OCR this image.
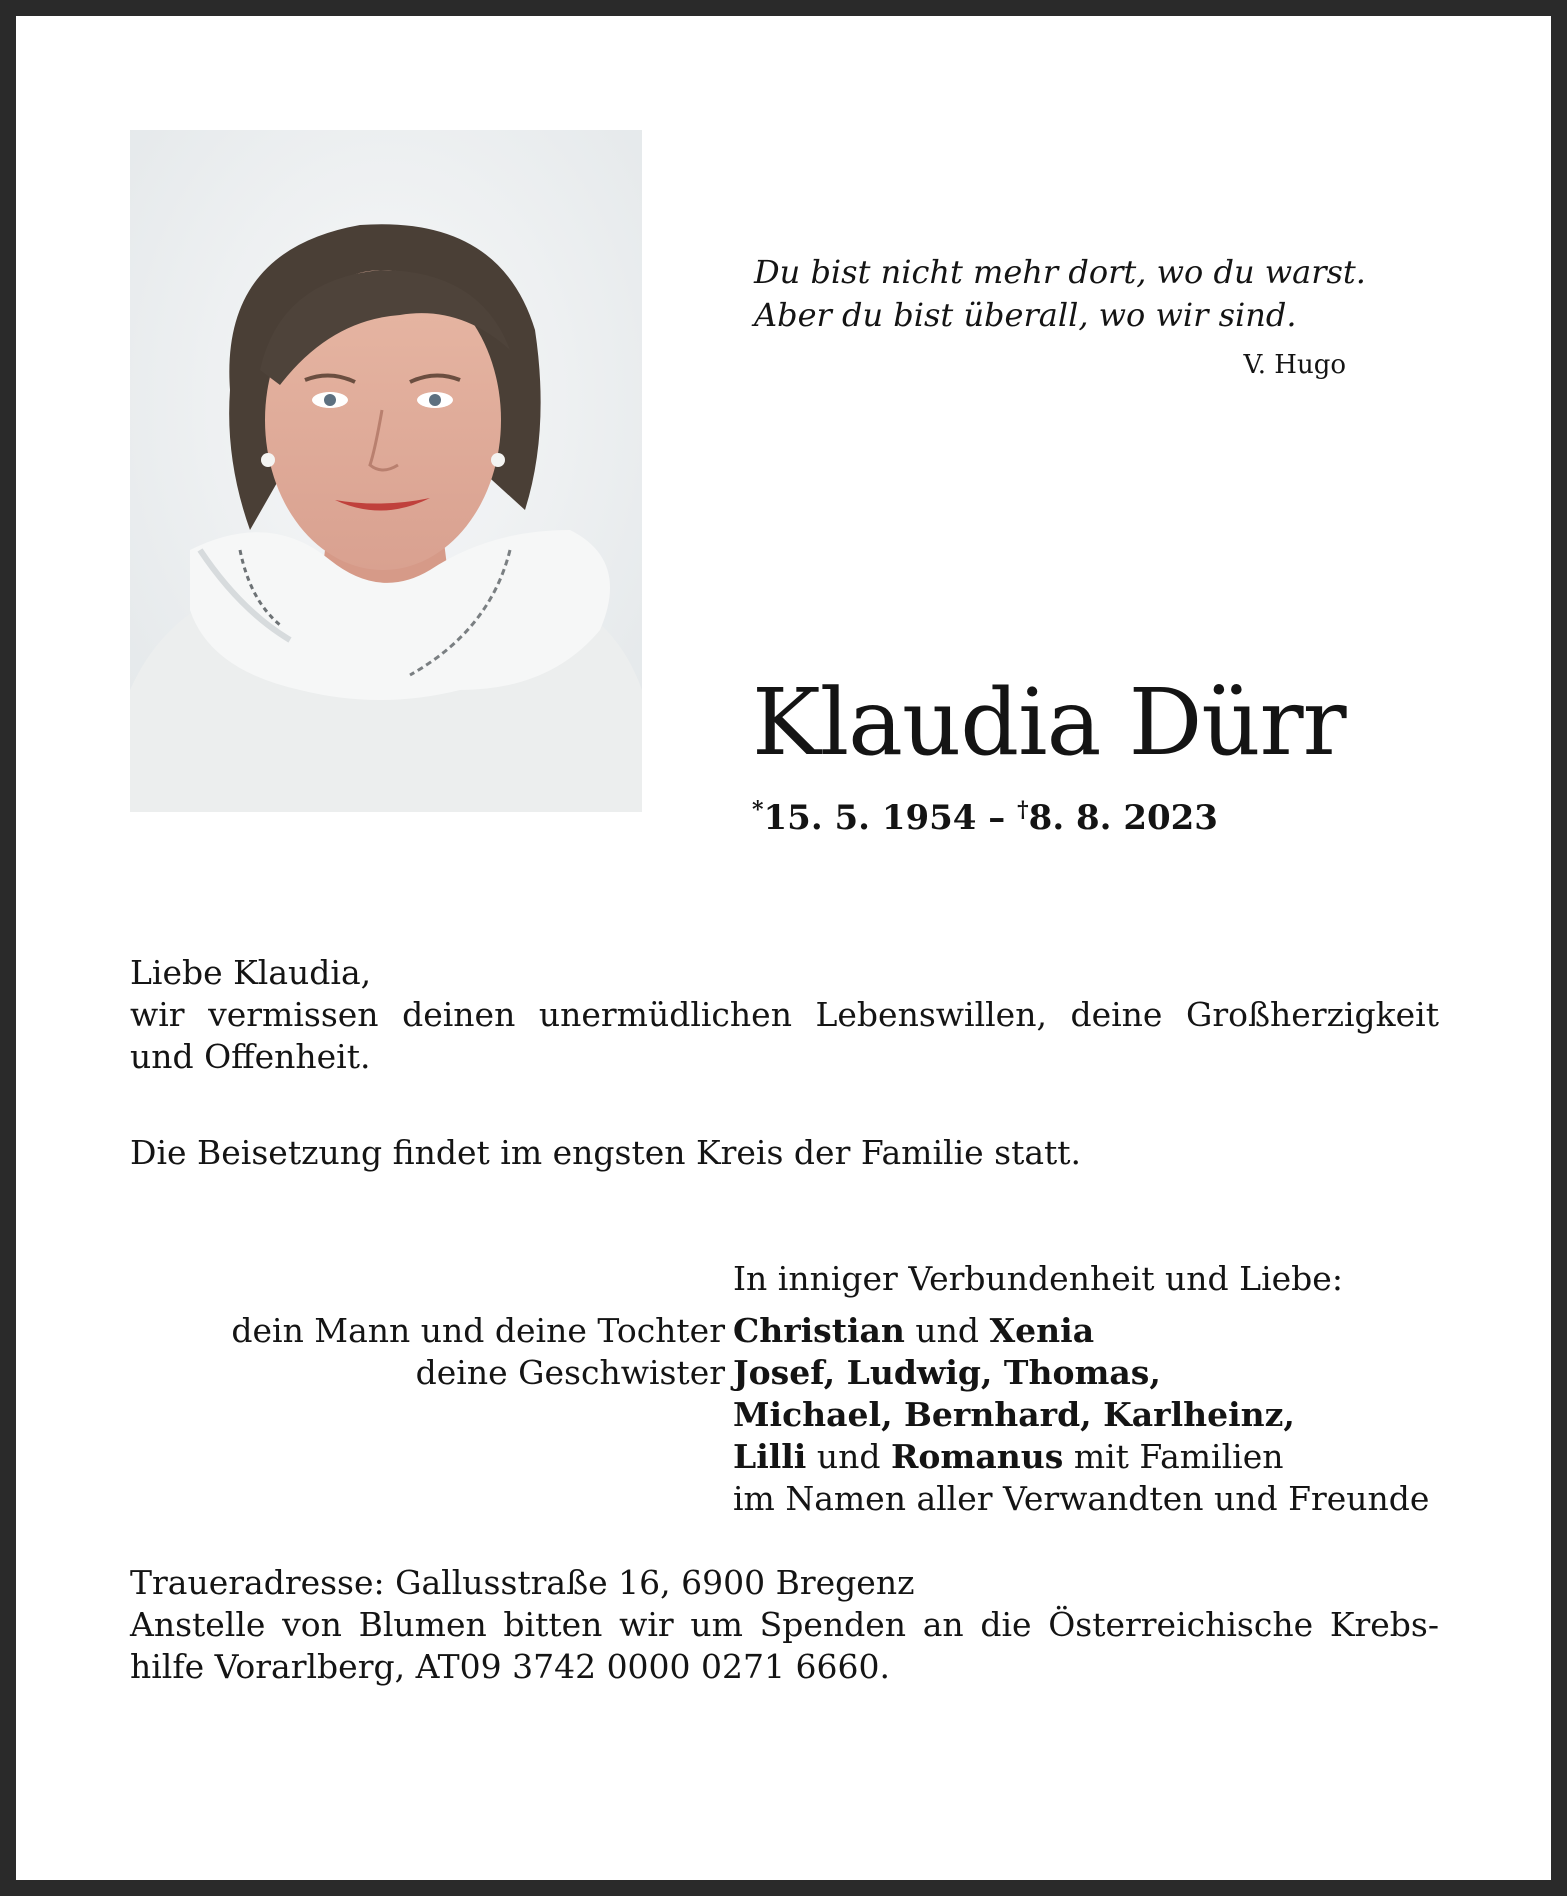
Du bist nicht mehr dort, wo du warst.
Aber du bist überall, wo wir sind.
V. Hugo
Klaudia Dürr
*15. 5. 1954 – †8. 8. 2023
Liebe Klaudia,
wir vermissen deinen unermüdlichen Lebenswillen, deine Großherzigkeit
und Offenheit.
Die Beisetzung findet im engsten Kreis der Familie statt.
In inniger Verbundenheit und Liebe:
dein Mann und deine Tochter Christian und Xenia
deine Geschwister Josef, Ludwig, Thomas,
Michael, Bernhard, Karlheinz,
Lilli und Romanus mit Familien
im Namen aller Verwandten und Freunde
Traueradresse: Gallusstraße 16, 6900 Bregenz
Anstelle von Blumen bitten wir um Spenden an die Österreichische Krebs-
hilfe Vorarlberg, AT09 3742 0000 0271 6660.
